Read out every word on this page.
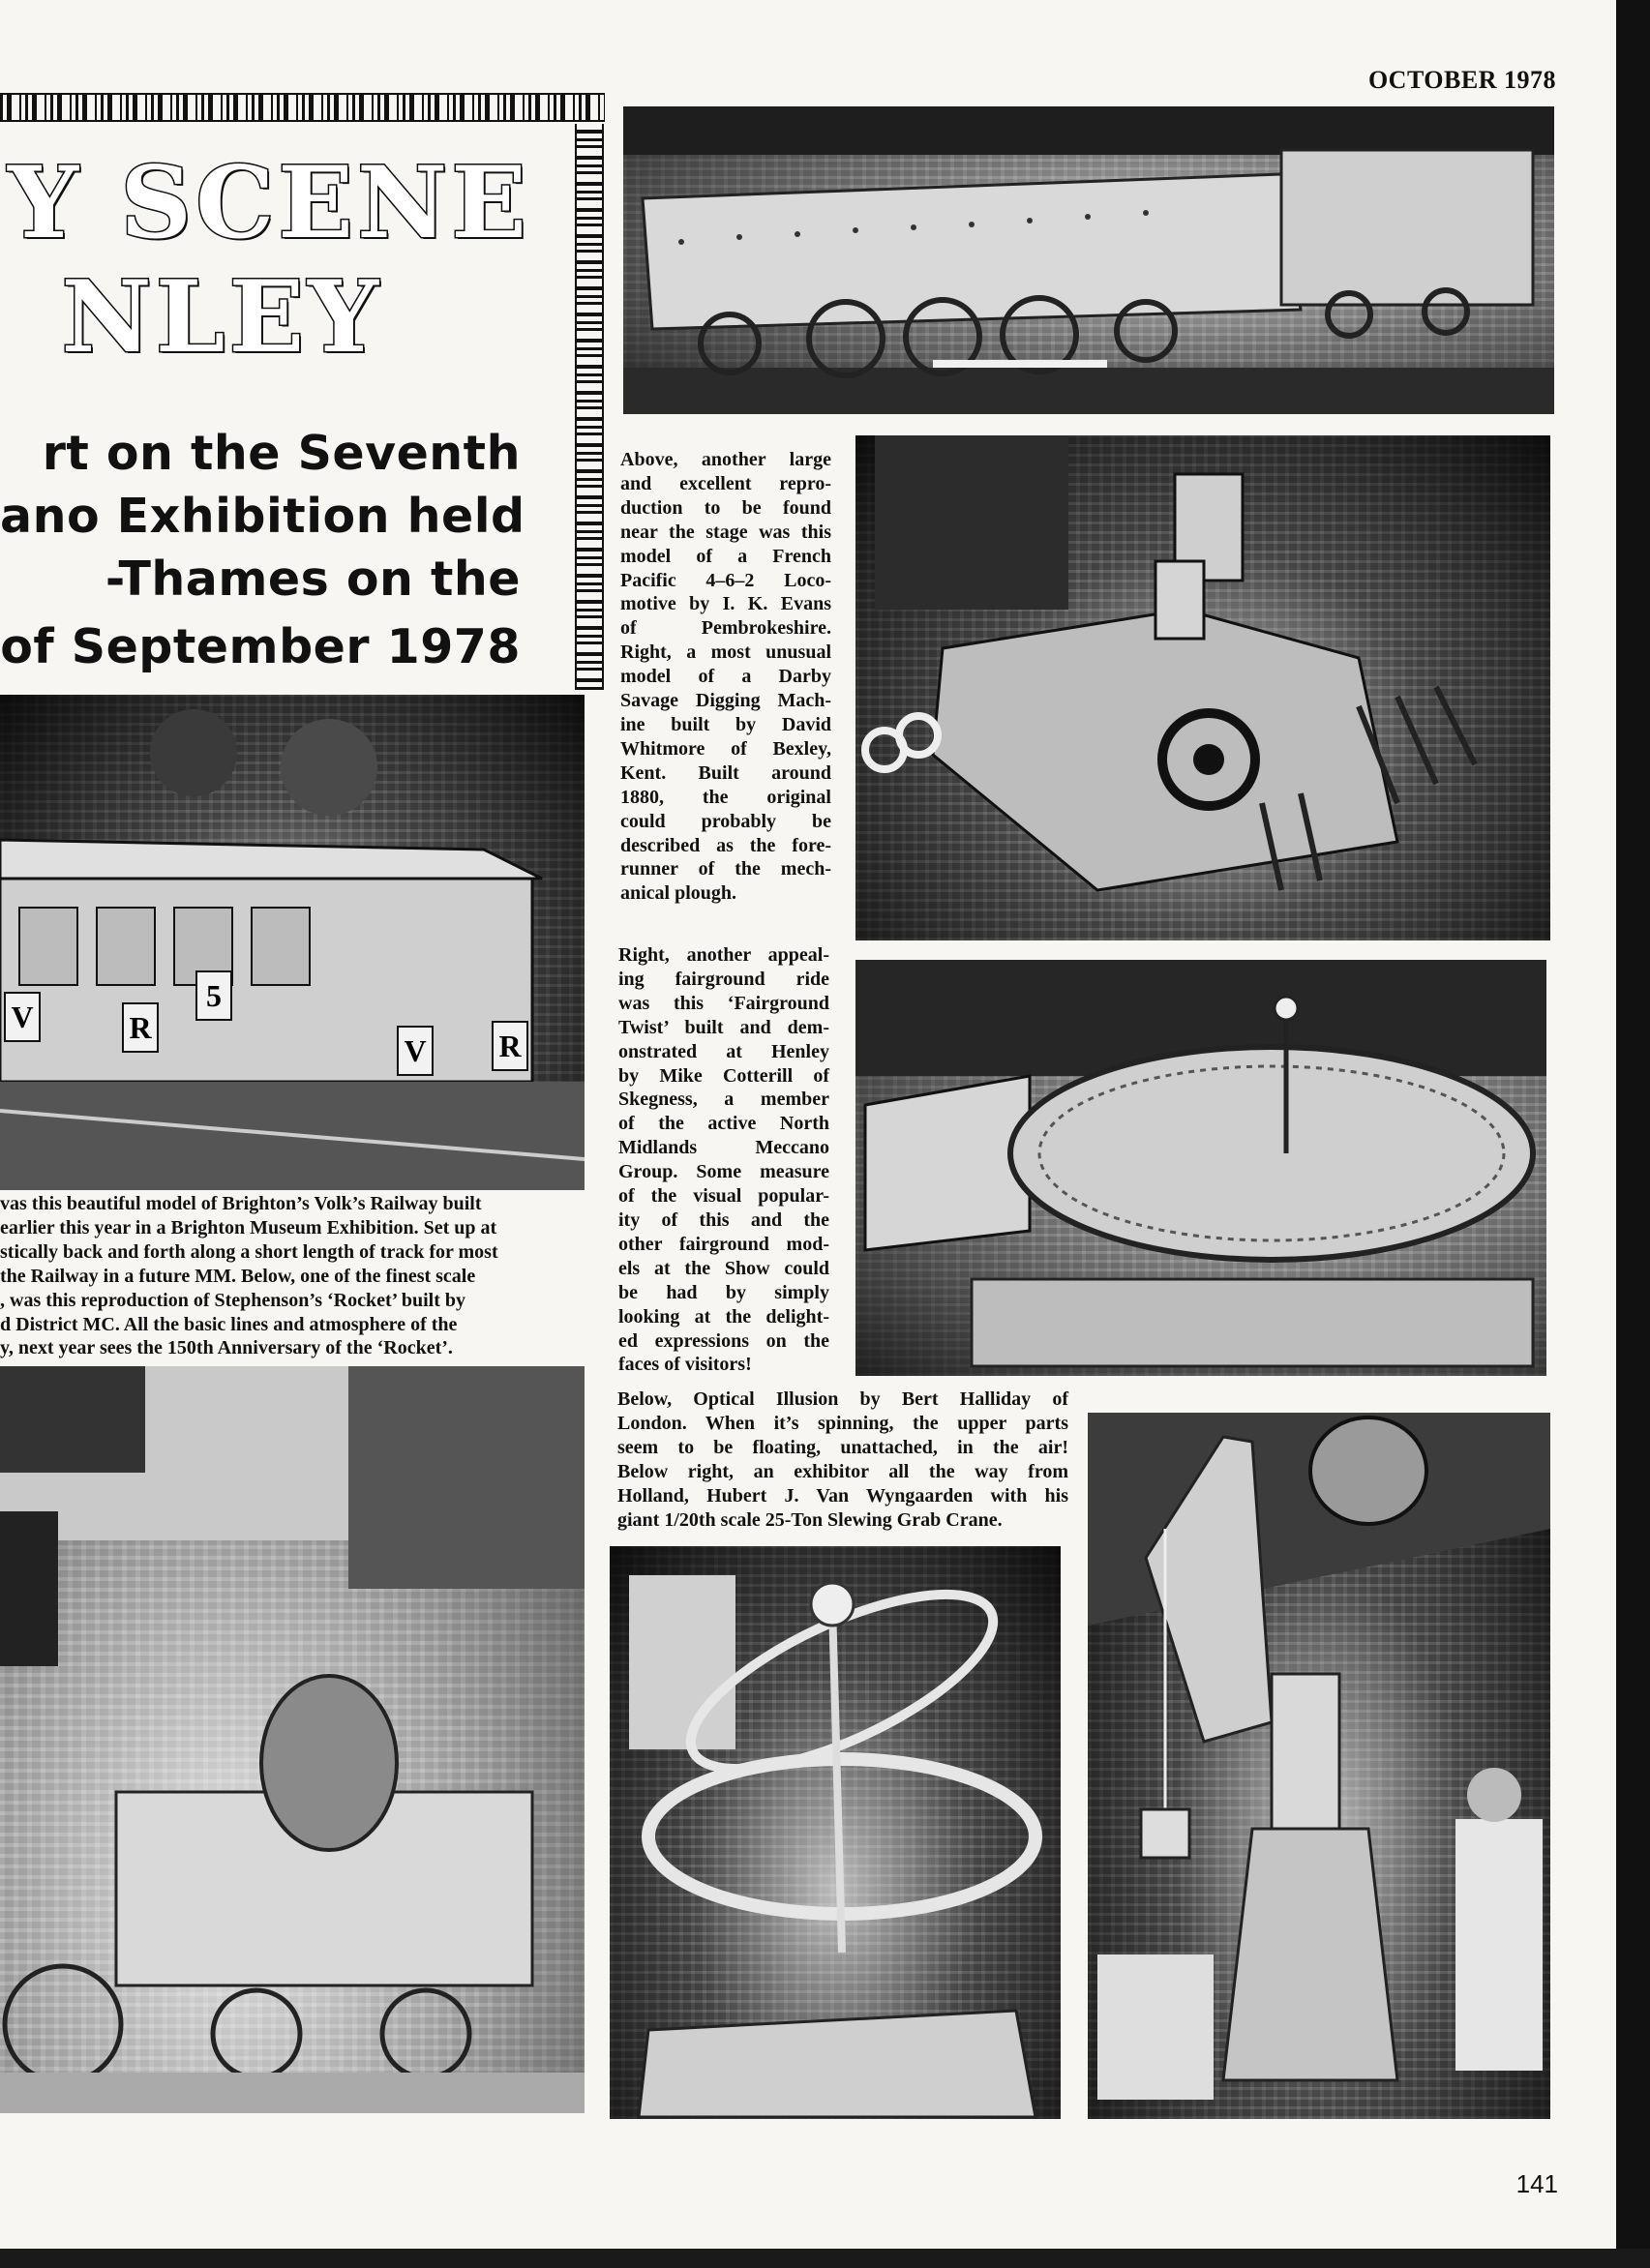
OCTOBER 1978
Y SCENE
NLEY
rt on the Seventh
ano Exhibition held
-Thames on the
of September 1978
Above, another large
and excellent repro-
duction to be found
near the stage was this
model of a French
Pacific 4–6–2 Loco-
motive by I. K. Evans
of Pembrokeshire.
Right, a most unusual
model of a Darby
Savage Digging Mach-
ine built by David
Whitmore of Bexley,
Kent. Built around
1880, the original
could probably be
described as the fore-
runner of the mech-
anical plough.
Right, another appeal-
ing fairground ride
was this ‘Fairground
Twist’ built and dem-
onstrated at Henley
by Mike Cotterill of
Skegness, a member
of the active North
Midlands Meccano
Group. Some measure
of the visual popular-
ity of this and the
other fairground mod-
els at the Show could
be had by simply
looking at the delight-
ed expressions on the
faces of visitors!
V	R
5
V R
vas this beautiful model of Brighton’s Volk’s Railway built
earlier this year in a Brighton Museum Exhibition. Set up at
stically back and forth along a short length of track for most
the Railway in a future MM. Below, one of the finest scale
, was this reproduction of Stephenson’s ‘Rocket’ built by
d District MC. All the basic lines and atmosphere of the
y, next year sees the 150th Anniversary of the ‘Rocket’.
Below, Optical Illusion by Bert Halliday of
London. When it’s spinning, the upper parts
seem to be floating, unattached, in the air!
Below right, an exhibitor all the way from
Holland, Hubert J. Van Wyngaarden with his
giant 1/20th scale 25-Ton Slewing Grab Crane.
141
